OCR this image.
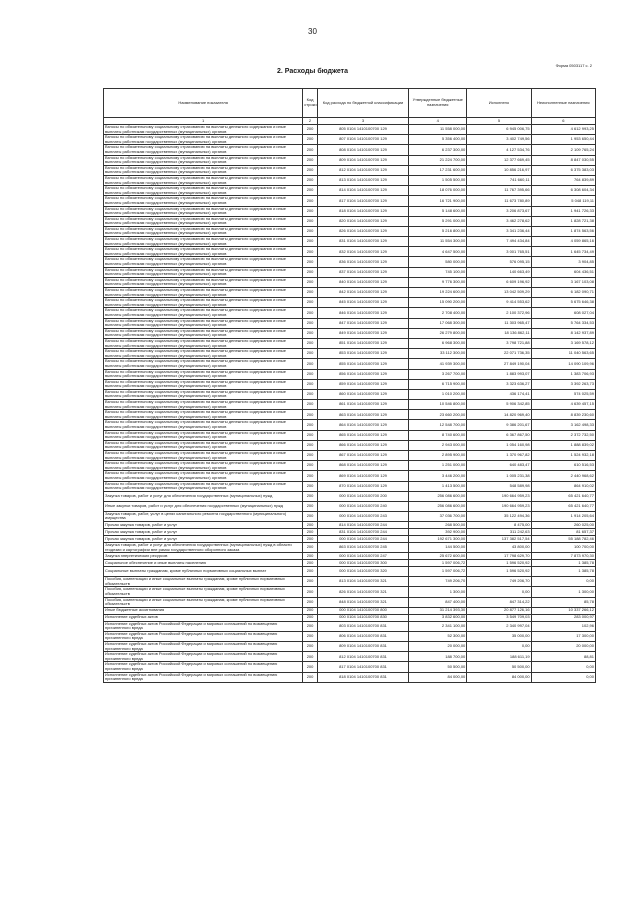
30
Форма 0503117 с. 2
2. Расходы бюджета
Наименование показателя	Код строки	Код расхода по бюджетной классификации	Утвержденные бюджетные назначения	Исполнено	Неисполненные назначения
1	2	3	4	5	6
Взносы по обязательному социальному страхованию на выплаты денежного содержания и иные выплаты работникам государственных (муниципальных) органов	200	805 0104 1410100700 129	11 558 000,00	6 945 006,75	4 612 993,25
Взносы по обязательному социальному страхованию на выплаты денежного содержания и иные выплаты работникам государственных (муниципальных) органов	200	807 0104 1410100700 129	5 356 400,00	3 402 749,56	1 953 650,44
Взносы по обязательному социальному страхованию на выплаты денежного содержания и иные выплаты работникам государственных (муниципальных) органов	200	808 0104 1410100700 129	6 237 300,00	4 127 534,76	2 109 765,24
Взносы по обязательному социальному страхованию на выплаты денежного содержания и иные выплаты работникам государственных (муниципальных) органов	200	809 0104 1410100700 129	21 224 700,00	12 377 669,45	8 847 030,55
Взносы по обязательному социальному страхованию на выплаты денежного содержания и иные выплаты работникам государственных (муниципальных) органов	200	812 0104 1410100700 129	17 231 600,00	10 856 216,97	6 375 383,03
Взносы по обязательному социальному страхованию на выплаты денежного содержания и иные выплаты работникам государственных (муниципальных) органов	200	813 0104 1410100700 129	1 505 500,00	741 660,11	764 839,89
Взносы по обязательному социальному страхованию на выплаты денежного содержания и иные выплаты работникам государственных (муниципальных) органов	200	814 0104 1410100700 129	18 076 000,00	11 767 395,66	6 308 604,34
Взносы по обязательному социальному страхованию на выплаты денежного содержания и иные выплаты работникам государственных (муниципальных) органов	200	817 0104 1410100700 129	16 721 900,00	11 673 780,89	5 048 119,11
Взносы по обязательному социальному страхованию на выплаты денежного содержания и иные выплаты работникам государственных (муниципальных) органов	200	818 0104 1410100700 129	5 148 600,00	3 206 873,67	1 941 726,33
Взносы по обязательному социальному страхованию на выплаты денежного содержания и иные выплаты работникам государственных (муниципальных) органов	200	820 0104 1410100700 129	5 291 000,00	3 462 278,62	1 828 721,38
Взносы по обязательному социальному страхованию на выплаты денежного содержания и иные выплаты работникам государственных (муниципальных) органов	200	826 0104 1410100700 129	5 216 800,00	3 341 236,44	1 874 563,56
Взносы по обязательному социальному страхованию на выплаты денежного содержания и иные выплаты работникам государственных (муниципальных) органов	200	831 0104 1410100700 129	11 554 300,00	7 494 434,84	4 059 865,16
Взносы по обязательному социальному страхованию на выплаты денежного содержания и иные выплаты работникам государственных (муниципальных) органов	200	832 0104 1410100700 129	4 647 500,00	3 001 765,51	1 645 734,49
Взносы по обязательному социальному страхованию на выплаты денежного содержания и иные выплаты работникам государственных (муниципальных) органов	200	836 0104 1410100700 129	580 000,00	576 095,15	3 904,85
Взносы по обязательному социальному страхованию на выплаты денежного содержания и иные выплаты работникам государственных (муниципальных) органов	200	837 0104 1410100700 129	745 100,00	140 663,49	604 436,51
Взносы по обязательному социальному страхованию на выплаты денежного содержания и иные выплаты работникам государственных (муниципальных) органов	200	840 0104 1410100700 129	9 776 300,00	6 609 196,92	3 167 103,08
Взносы по обязательному социальному страхованию на выплаты денежного содержания и иные выплаты работникам государственных (муниципальных) органов	200	842 0104 1410100700 129	19 224 600,00	13 042 509,29	6 182 090,71
Взносы по обязательному социальному страхованию на выплаты денежного содержания и иные выплаты работникам государственных (муниципальных) органов	200	845 0104 1410100700 129	15 090 200,00	9 414 553,62	5 675 646,38
Взносы по обязательному социальному страхованию на выплаты денежного содержания и иные выплаты работникам государственных (муниципальных) органов	200	846 0104 1410100700 129	2 708 400,00	2 100 372,96	608 027,04
Взносы по обязательному социальному страхованию на выплаты денежного содержания и иные выплаты работникам государственных (муниципальных) органов	200	847 0104 1410100700 129	17 068 300,00	11 303 965,47	5 764 334,53
Взносы по обязательному социальному страхованию на выплаты денежного содержания и иные выплаты работникам государственных (муниципальных) органов	200	849 0104 1410100700 129	26 279 800,00	18 136 862,11	8 142 937,89
Взносы по обязательному социальному страхованию на выплаты денежного содержания и иные выплаты работникам государственных (муниципальных) органов	200	851 0104 1410100700 129	6 968 300,00	3 798 721,88	3 169 578,12
Взносы по обязательному социальному страхованию на выплаты денежного содержания и иные выплаты работникам государственных (муниципальных) органов	200	853 0104 1410100700 129	33 112 300,00	22 071 736,35	11 040 563,65
Взносы по обязательному социальному страхованию на выплаты денежного содержания и иные выплаты работникам государственных (муниципальных) органов	200	855 0104 1410100700 129	41 939 300,00	27 849 190,04	14 090 109,96
Взносы по обязательному социальному страхованию на выплаты денежного содержания и иные выплаты работникам государственных (муниципальных) органов	200	856 0104 1410100700 129	3 267 700,00	1 883 993,07	1 383 706,93
Взносы по обязательному социальному страхованию на выплаты денежного содержания и иные выплаты работникам государственных (муниципальных) органов	200	859 0104 1410100700 129	6 715 900,00	3 323 636,27	3 392 263,73
Взносы по обязательному социальному страхованию на выплаты денежного содержания и иные выплаты работникам государственных (муниципальных) органов	200	860 0104 1410100700 129	1 010 200,00	436 174,41	574 025,59
Взносы по обязательному социальному страхованию на выплаты денежного содержания и иные выплаты работникам государственных (муниципальных) органов	200	861 0104 1410100700 129	10 546 800,00	5 906 342,85	4 639 457,15
Взносы по обязательному социальному страхованию на выплаты денежного содержания и иные выплаты работникам государственных (муниципальных) органов	200	863 0104 1410100700 129	23 660 200,00	14 820 969,40	8 839 230,60
Взносы по обязательному социальному страхованию на выплаты денежного содержания и иные выплаты работникам государственных (муниципальных) органов	200	864 0104 1410100700 129	12 548 700,00	9 386 201,67	3 162 498,33
Взносы по обязательному социальному страхованию на выплаты денежного содержания и иные выплаты работникам государственных (муниципальных) органов	200	865 0104 1410100700 129	8 740 600,00	6 367 867,50	2 372 732,50
Взносы по обязательному социальному страхованию на выплаты денежного содержания и иные выплаты работникам государственных (муниципальных) органов	200	866 0104 1410100700 129	2 943 000,00	1 054 160,98	1 888 839,02
Взносы по обязательному социальному страхованию на выплаты денежного содержания и иные выплаты работникам государственных (муниципальных) органов	200	867 0104 1410100700 129	2 895 900,00	1 370 967,82	1 524 932,18
Взносы по обязательному социальному страхованию на выплаты денежного содержания и иные выплаты работникам государственных (муниципальных) органов	200	868 0104 1410100700 129	1 251 000,00	640 483,47	610 516,53
Взносы по обязательному социальному страхованию на выплаты денежного содержания и иные выплаты работникам государственных (муниципальных) органов	200	869 0104 1410100700 129	3 446 200,00	1 005 231,38	2 440 968,62
Взносы по обязательному социальному страхованию на выплаты денежного содержания и иные выплаты работникам государственных (муниципальных) органов	200	870 0104 1410100700 129	1 413 500,00	548 589,98	864 910,02
Закупка товаров, работ и услуг для обеспечения государственных (муниципальных) нужд	200	000 0104 1410100700 200	256 086 600,00	190 664 959,23	65 421 640,77
Иные закупки товаров, работ и услуг для обеспечения государственных (муниципальных) нужд	200	000 0104 1410100700 240	256 086 600,00	190 664 959,23	65 421 640,77
Закупка товаров, работ, услуг в целях капитального ремонта государственного (муниципального) имущества	200	000 0104 1410100700 243	37 036 700,00	35 122 494,36	1 914 205,64
Прочая закупка товаров, работ и услуг	200	814 0104 1410100700 244	268 500,00	8 475,00	260 025,00
Прочая закупка товаров, работ и услуг	200	831 0104 1410100700 244	392 900,00	311 242,63	81 657,37
Прочая закупка товаров, работ и услуг	200	000 0104 1410100700 244	192 671 300,00	137 382 517,54	55 188 782,46
Закупка товаров, работ и услуг для обеспечения государственных (муниципальных) нужд в области геодезии и картографии вне рамок государственного оборонного заказа	200	863 0104 1410100700 245	144 500,00	43 800,00	100 700,00
Закупка энергетических ресурсов	200	000 0104 1410100700 247	25 672 600,00	17 798 629,70	7 873 970,30
Социальное обеспечение и иные выплаты населению	200	000 0104 1410100700 300	1 597 006,72	1 596 520,92	1 385,78
Социальные выплаты гражданам, кроме публичных нормативных социальных выплат	200	000 0104 1410100700 320	1 597 006,72	1 596 520,92	1 385,78
Пособия, компенсации и иные социальные выплаты гражданам, кроме публичных нормативных обязательств	200	813 0104 1410100700 321	749 206,70	749 206,70	0,00
Пособия, компенсации и иные социальные выплаты гражданам, кроме публичных нормативных обязательств	200	826 0104 1410100700 321	1 300,00	0,00	1 300,00
Пособия, компенсации и иные социальные выплаты гражданам, кроме публичных нормативных обязательств	200	848 0104 1410100700 321	847 400,00	847 314,22	85,78
Иные бюджетные ассигнования	200	000 0104 1410100700 800	31 214 393,30	20 877 126,16	10 337 266,12
Исполнение судебных актов	200	000 0104 1410100700 830	3 832 600,00	3 549 709,03	283 000,97
Исполнение судебных актов Российской Федерации и мировых соглашений по возмещению причиненного вреда	200	803 0104 1410100700 831	2 341 100,00	2 340 997,04	102,96
Исполнение судебных актов Российской Федерации и мировых соглашений по возмещению причиненного вреда	200	806 0104 1410100700 831	52 300,00	35 000,00	17 300,00
Исполнение судебных актов Российской Федерации и мировых соглашений по возмещению причиненного вреда	200	809 0104 1410100700 831	20 000,00	0,00	20 000,00
Исполнение судебных актов Российской Федерации и мировых соглашений по возмещению причиненного вреда	200	812 0104 1410100700 831	188 700,00	188 611,19	88,81
Исполнение судебных актов Российской Федерации и мировых соглашений по возмещению причиненного вреда	200	817 0104 1410100700 831	50 500,00	50 500,00	0,00
Исполнение судебных актов Российской Федерации и мировых соглашений по возмещению причиненного вреда	200	818 0104 1410100700 831	84 000,00	84 000,00	0,00
